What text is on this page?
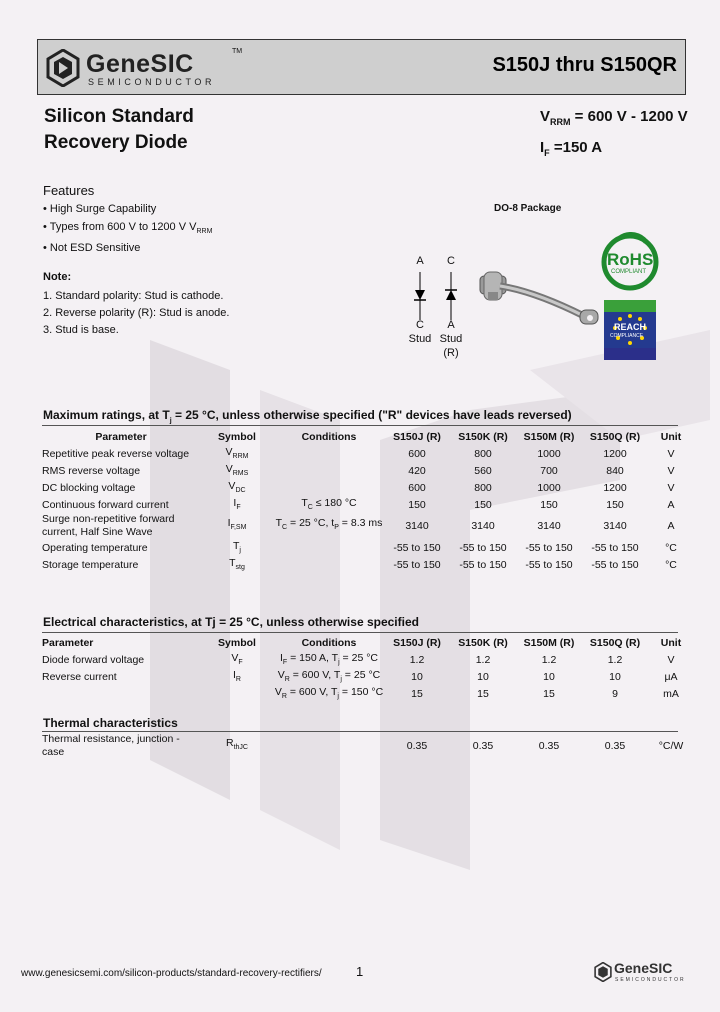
GeneSIC	TM
SEMICONDUCTOR
S150J thru S150QR
Silicon Standard
Recovery Diode
$V_{RRM} = 600$ V - 1200 V
$I_F =150$ A
Features
• High Surge Capability
• Types from 600 V to 1200 V $V_{RRM}$
• Not ESD Sensitive
Note:
1. Standard polarity: Stud is cathode.
2. Reverse polarity (R): Stud is anode.
3. Stud is base.
DO-8 Package
A	C
C	A
Stud Stud
(R)
RoHS
COMPLIANT
REACH
COMPLIANCE
Maximum ratings, at $T_j = 25$ °C, unless otherwise specified ("R" devices have leads reversed)
Parameter	Symbol	Conditions	S150J (R)	S150K (R)	S150M (R)	S150Q (R)	Unit
Repetitive peak reverse voltage	$V_{RRM}$		600	800	1000	1200	V
RMS reverse voltage	$V_{RMS}$		420	560	700	840	V
DC blocking voltage	$V_{DC}$		600	800	1000	1200	V
Continuous forward current	$I_F$	$T_C \le 180$ °C	150	150	150	150	A
Surge non-repetitive forward current, Half Sine Wave	$I_{F,SM}$	$T_C = 25$ °C, $t_P = 8.3$ ms	3140	3140	3140	3140	A
Operating temperature	$T_j$		-55 to 150	-55 to 150	-55 to 150	-55 to 150	°C
Storage temperature	$T_{stg}$		-55 to 150	-55 to 150	-55 to 150	-55 to 150	°C
Electrical characteristics, at Tj = 25 °C, unless otherwise specified
Parameter	Symbol	Conditions	S150J (R)	S150K (R)	S150M (R)	S150Q (R)	Unit
Diode forward voltage	$V_F$	$I_F = 150$ A, $T_j = 25$ °C	1.2	1.2	1.2	1.2	V
Reverse current	$I_R$	$V_R = 600$ V, $T_j = 25$ °C	10	10	10	10	μA
		$V_R = 600$ V, $T_j = 150$ °C	15	15	15	9	mA
Thermal characteristics
Thermal resistance, junction - case	$R_{thJC}$		0.35	0.35	0.35	0.35	°C/W
www.genesicsemi.com/silicon-products/standard-recovery-rectifiers/	1	GeneSIC
SEMICONDUCTOR
